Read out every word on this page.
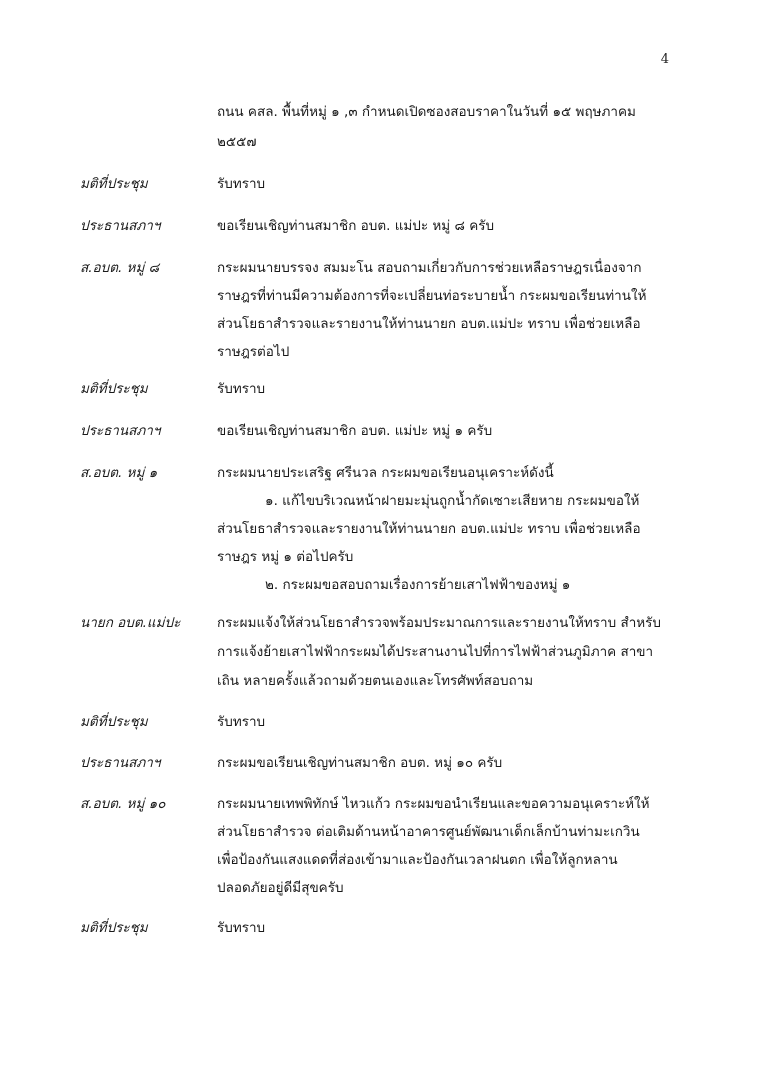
4
ถนน คสล. พื้นที่หมู่ ๑ ,๓ กำหนดเปิดซองสอบราคาในวันที่ ๑๕ พฤษภาคม
๒๕๕๗
มติที่ประชุม	รับทราบ
ประธานสภาฯ	ขอเรียนเชิญท่านสมาชิก อบต. แม่ปะ หมู่ ๘ ครับ
ส.อบต. หมู่ ๘	กระผมนายบรรจง สมมะโน สอบถามเกี่ยวกับการช่วยเหลือราษฎรเนื่องจาก
ราษฎรที่ท่านมีความต้องการที่จะเปลี่ยนท่อระบายน้ำ กระผมขอเรียนท่านให้
ส่วนโยธาสำรวจและรายงานให้ท่านนายก อบต.แม่ปะ ทราบ เพื่อช่วยเหลือ
ราษฎรต่อไป
มติที่ประชุม	รับทราบ
ประธานสภาฯ	ขอเรียนเชิญท่านสมาชิก อบต. แม่ปะ หมู่ ๑ ครับ
ส.อบต. หมู่ ๑	กระผมนายประเสริฐ ศรีนวล กระผมขอเรียนอนุเคราะห์ดังนี้
๑. แก้ไขบริเวณหน้าฝายมะมุ่นถูกน้ำกัดเซาะเสียหาย กระผมขอให้
ส่วนโยธาสำรวจและรายงานให้ท่านนายก อบต.แม่ปะ ทราบ เพื่อช่วยเหลือ
ราษฎร หมู่ ๑ ต่อไปครับ
๒. กระผมขอสอบถามเรื่องการย้ายเสาไฟฟ้าของหมู่ ๑
นายก อบต.แม่ปะ	กระผมแจ้งให้ส่วนโยธาสำรวจพร้อมประมาณการและรายงานให้ทราบ สำหรับ
การแจ้งย้ายเสาไฟฟ้ากระผมได้ประสานงานไปที่การไฟฟ้าส่วนภูมิภาค สาขา
เถิน หลายครั้งแล้วถามด้วยตนเองและโทรศัพท์สอบถาม
มติที่ประชุม	รับทราบ
ประธานสภาฯ	กระผมขอเรียนเชิญท่านสมาชิก อบต. หมู่ ๑๐ ครับ
ส.อบต. หมู่ ๑๐	กระผมนายเทพพิทักษ์ ไหวแก้ว กระผมขอนำเรียนและขอความอนุเคราะห์ให้
ส่วนโยธาสำรวจ ต่อเติมด้านหน้าอาคารศูนย์พัฒนาเด็กเล็กบ้านท่ามะเกวิน
เพื่อป้องกันแสงแดดที่ส่องเข้ามาและป้องกันเวลาฝนตก เพื่อให้ลูกหลาน
ปลอดภัยอยู่ดีมีสุขครับ
มติที่ประชุม	รับทราบ
